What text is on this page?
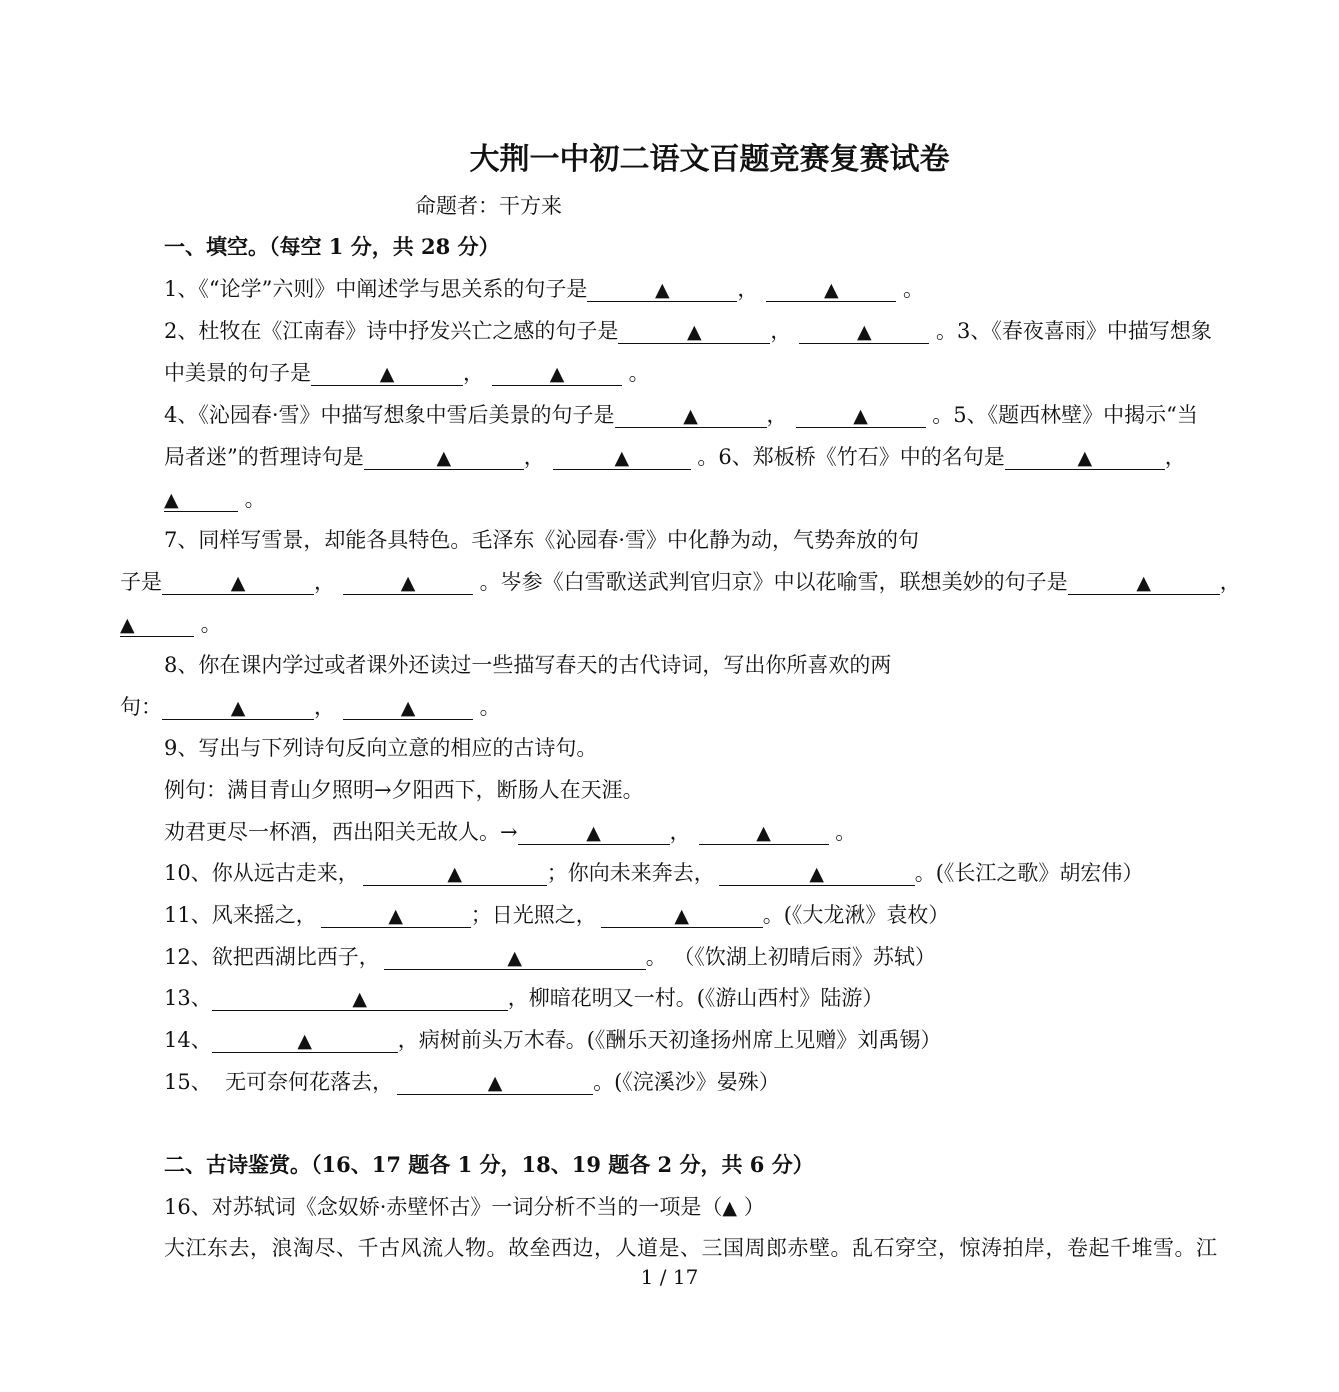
大荆一中初二语文百题竞赛复赛试卷
命题者：干方来
一、填空。（每空 1 分，共 28 分）
1、《“论学”六则》中阐述学与思关系的句子是	▲	，	▲	。
2、杜牧在《江南春》诗中抒发兴亡之感的句子是	▲	，	▲	。3、《春夜喜雨》中描写想象
中美景的句子是	▲	，	▲	。
4、《沁园春·雪》中描写想象中雪后美景的句子是	▲	，	▲	。5、《题西林壁》中揭示“当
局者迷”的哲理诗句是	▲	，	▲	。6、郑板桥《竹石》中的名句是	▲	，
▲	。
7、同样写雪景，却能各具特色。毛泽东《沁园春·雪》中化静为动，气势奔放的句
子是	▲	，	▲	。岑参《白雪歌送武判官归京》中以花喻雪，联想美妙的句子是	▲	，
▲	。
8、你在课内学过或者课外还读过一些描写春天的古代诗词，写出你所喜欢的两
句：	▲	，	▲	。
9、写出与下列诗句反向立意的相应的古诗句。
例句：满目青山夕照明→夕阳西下，断肠人在天涯。
劝君更尽一杯酒，西出阳关无故人。→	▲	，	▲	。
10、你从远古走来，	▲	；你向未来奔去，	▲	。(《长江之歌》胡宏伟）
11、风来摇之，	▲	；日光照之，	▲	。(《大龙湫》袁枚）
12、欲把西湖比西子，	▲	。 （《饮湖上初晴后雨》苏轼）
13、	▲	，柳暗花明又一村。(《游山西村》陆游）
14、	▲	，病树前头万木春。(《酬乐天初逢扬州席上见赠》刘禹锡）
15、  无可奈何花落去，	▲	。(《浣溪沙》晏殊）
二、古诗鉴赏。（16、17 题各 1 分，18、19 题各 2 分，共 6 分）
16、对苏轼词《念奴娇·赤壁怀古》一词分析不当的一项是（▲ ）
大江东去，浪淘尽、千古风流人物。故垒西边，人道是、三国周郎赤壁。乱石穿空，惊涛拍岸，卷起千堆雪。江
1 / 17
